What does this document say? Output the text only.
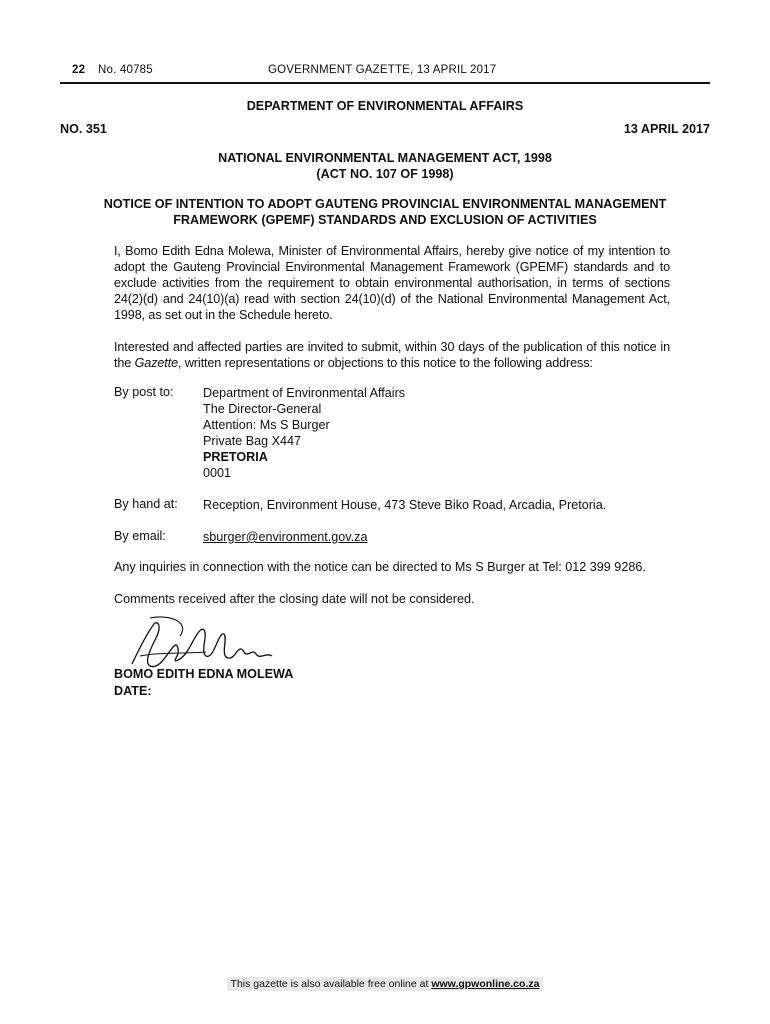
22 No. 40785	GOVERNMENT GAZETTE, 13 APRIL 2017
DEPARTMENT OF ENVIRONMENTAL AFFAIRS
NO. 351	13 APRIL 2017
NATIONAL ENVIRONMENTAL MANAGEMENT ACT, 1998
(ACT NO. 107 OF 1998)
NOTICE OF INTENTION TO ADOPT GAUTENG PROVINCIAL ENVIRONMENTAL MANAGEMENT
FRAMEWORK (GPEMF) STANDARDS AND EXCLUSION OF ACTIVITIES
I, Bomo Edith Edna Molewa, Minister of Environmental Affairs, hereby give notice of my intention to adopt the Gauteng Provincial Environmental Management Framework (GPEMF) standards and to exclude activities from the requirement to obtain environmental authorisation, in terms of sections 24(2)(d) and 24(10)(a) read with section 24(10)(d) of the National Environmental Management Act, 1998, as set out in the Schedule hereto.
Interested and affected parties are invited to submit, within 30 days of the publication of this notice in the Gazette, written representations or objections to this notice to the following address:
By post to: Department of Environmental Affairs
The Director-General
Attention: Ms S Burger
Private Bag X447
PRETORIA
0001
By hand at: Reception, Environment House, 473 Steve Biko Road, Arcadia, Pretoria.
By email:	sburger@environment.gov.za
Any inquiries in connection with the notice can be directed to Ms S Burger at Tel: 012 399 9286.
Comments received after the closing date will not be considered.
BOMO EDITH EDNA MOLEWA
DATE:
This gazette is also available free online at www.gpwonline.co.za
